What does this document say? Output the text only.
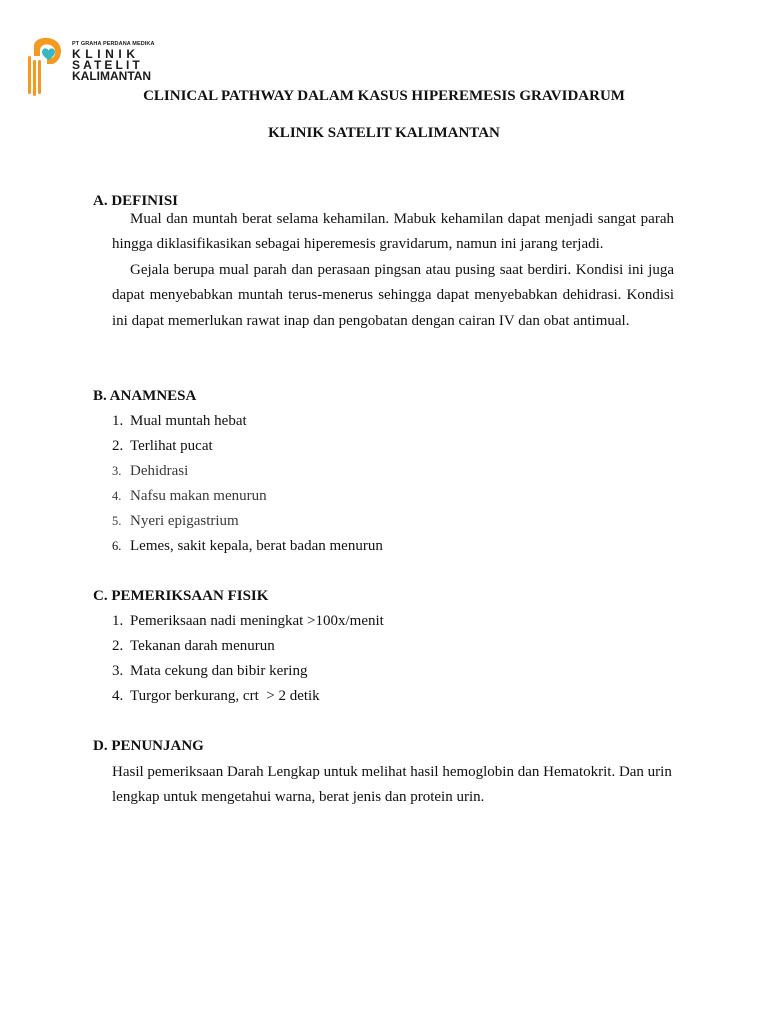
PT GRAHA PERDANA MEDIKA
KLINIK
SATELIT
KALIMANTAN
CLINICAL PATHWAY DALAM KASUS HIPEREMESIS GRAVIDARUM
KLINIK SATELIT KALIMANTAN
A. DEFINISI

Mual dan muntah berat selama kehamilan. Mabuk kehamilan dapat menjadi sangat parah hingga diklasifikasikan sebagai hiperemesis gravidarum, namun ini jarang terjadi.

Gejala berupa mual parah dan perasaan pingsan atau pusing saat berdiri. Kondisi ini juga dapat menyebabkan muntah terus-menerus sehingga dapat menyebabkan dehidrasi. Kondisi ini dapat memerlukan rawat inap dan pengobatan dengan cairan IV dan obat antimual.

B. ANAMNESA
1. Mual muntah hebat
2. Terlihat pucat
3. Dehidrasi
4. Nafsu makan menurun
5. Nyeri epigastrium
6. Lemes, sakit kepala, berat badan menurun
C. PEMERIKSAAN FISIK
1. Pemeriksaan nadi meningkat >100x/menit
2. Tekanan darah menurun
3. Mata cekung dan bibir kering
4. Turgor berkurang, crt  > 2 detik
D. PENUNJANG

Hasil pemeriksaan Darah Lengkap untuk melihat hasil hemoglobin dan Hematokrit. Dan urin lengkap untuk mengetahui warna, berat jenis dan protein urin.
